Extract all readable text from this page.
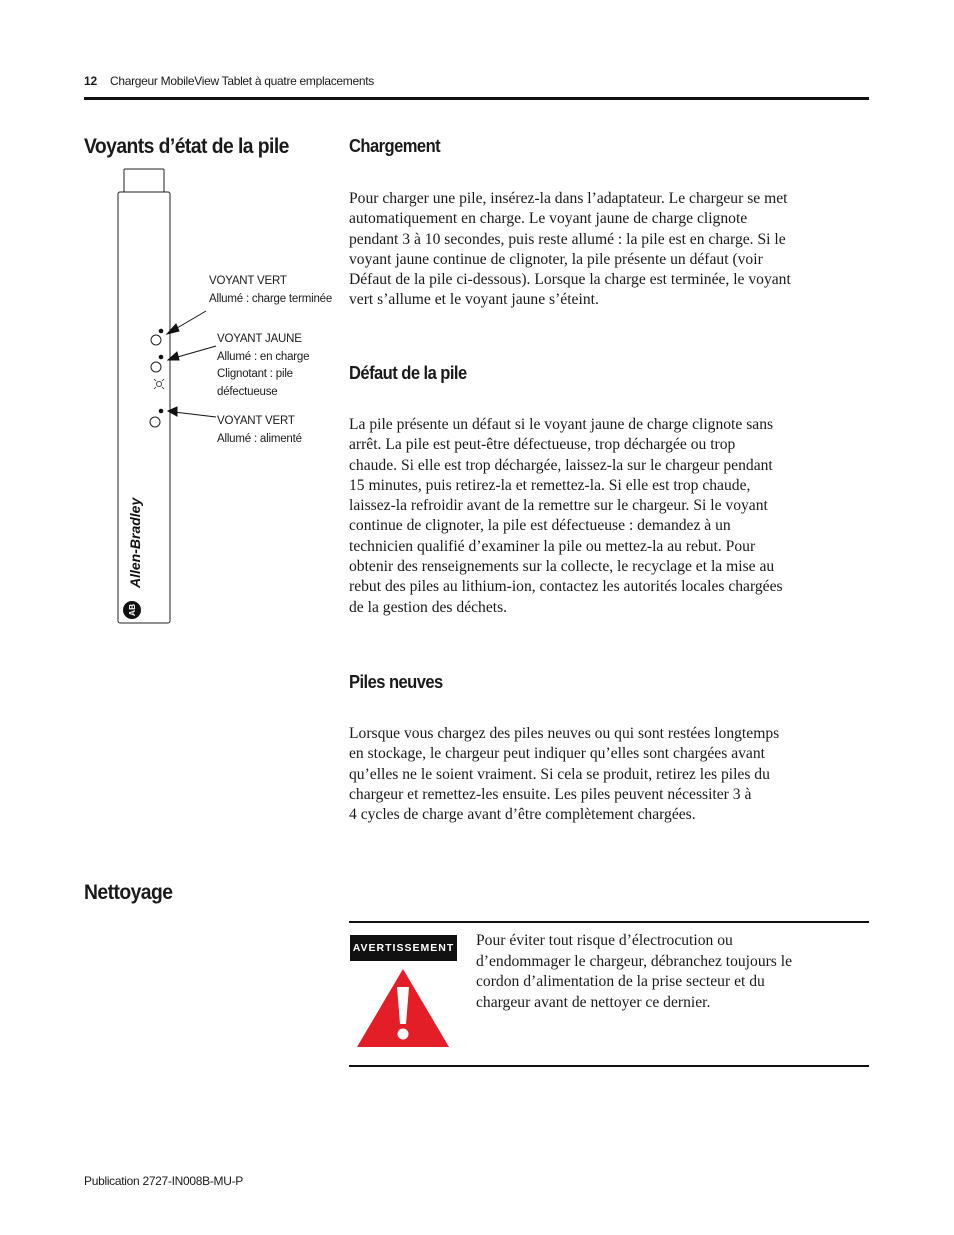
12 Chargeur MobileView Tablet à quatre emplacements
Voyants d’état de la pile
Nettoyage
AB
Allen-Bradley
VOYANT VERT
Allumé : charge terminée
VOYANT JAUNE
Allumé : en charge
Clignotant : pile
défectueuse
VOYANT VERT
Allumé : alimenté
Chargement
Pour charger une pile, insérez-la dans l’adaptateur. Le chargeur se met
automatiquement en charge. Le voyant jaune de charge clignote
pendant 3 à 10 secondes, puis reste allumé : la pile est en charge. Si le
voyant jaune continue de clignoter, la pile présente un défaut (voir
Défaut de la pile ci-dessous). Lorsque la charge est terminée, le voyant
vert s’allume et le voyant jaune s’éteint.
Défaut de la pile
La pile présente un défaut si le voyant jaune de charge clignote sans
arrêt. La pile est peut-être défectueuse, trop déchargée ou trop
chaude. Si elle est trop déchargée, laissez-la sur le chargeur pendant
15 minutes, puis retirez-la et remettez-la. Si elle est trop chaude,
laissez-la refroidir avant de la remettre sur le chargeur. Si le voyant
continue de clignoter, la pile est défectueuse : demandez à un
technicien qualifié d’examiner la pile ou mettez-la au rebut. Pour
obtenir des renseignements sur la collecte, le recyclage et la mise au
rebut des piles au lithium-ion, contactez les autorités locales chargées
de la gestion des déchets.
Piles neuves
Lorsque vous chargez des piles neuves ou qui sont restées longtemps
en stockage, le chargeur peut indiquer qu’elles sont chargées avant
qu’elles ne le soient vraiment. Si cela se produit, retirez les piles du
chargeur et remettez-les ensuite. Les piles peuvent nécessiter 3 à
4 cycles de charge avant d’être complètement chargées.
AVERTISSEMENT Pour éviter tout risque d’électrocution ou
d’endommager le chargeur, débranchez toujours le
cordon d’alimentation de la prise secteur et du
chargeur avant de nettoyer ce dernier.
Publication 2727-IN008B-MU-P
